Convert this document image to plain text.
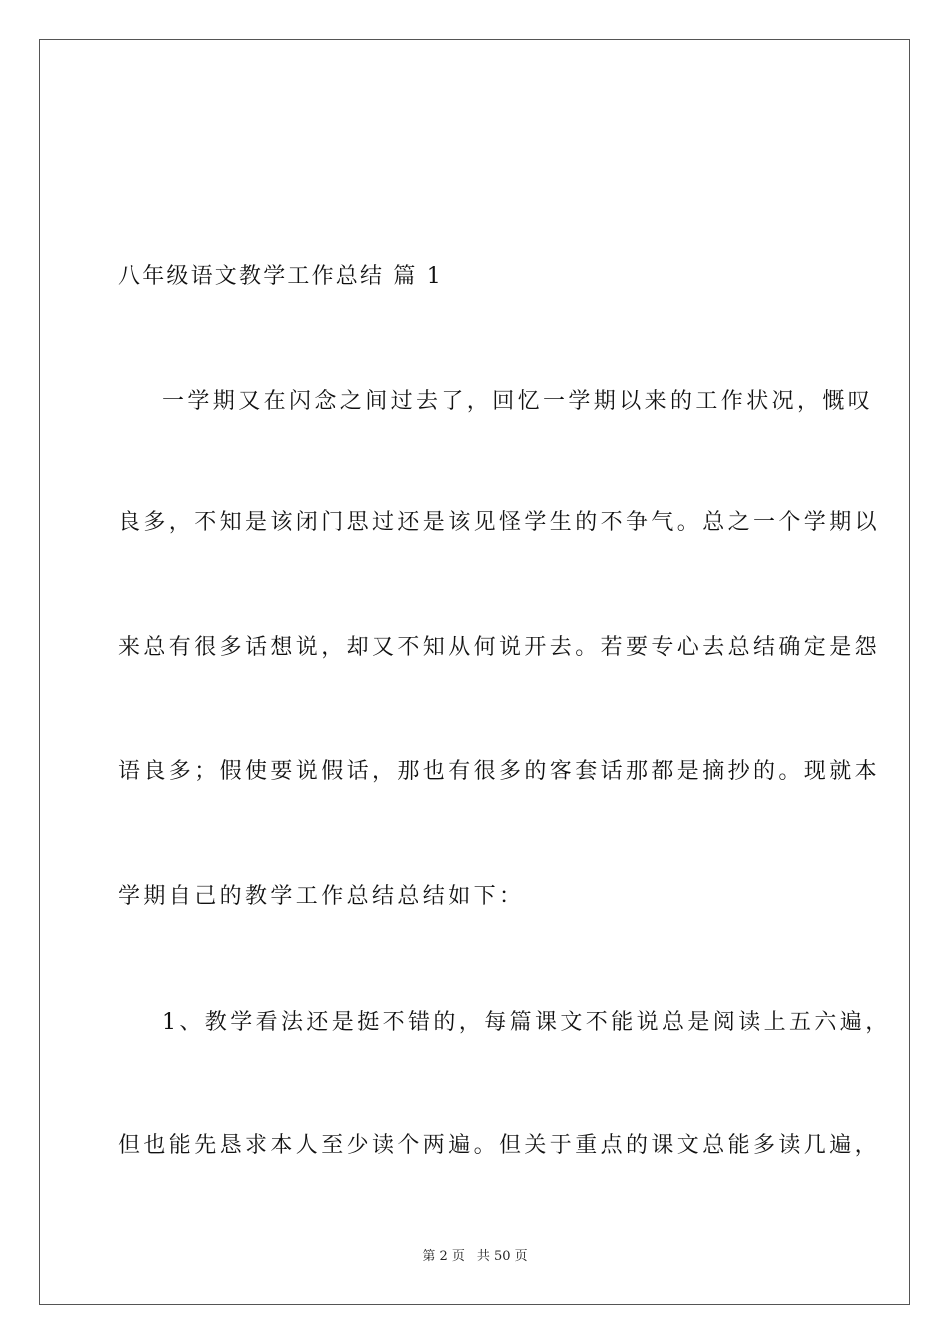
八年级语文教学工作总结 篇 1
一学期又在闪念之间过去了，回忆一学期以来的工作状况，慨叹
良多，不知是该闭门思过还是该见怪学生的不争气。总之一个学期以
来总有很多话想说，却又不知从何说开去。若要专心去总结确定是怨
语良多；假使要说假话，那也有很多的客套话那都是摘抄的。现就本
学期自己的教学工作总结总结如下：
1、教学看法还是挺不错的，每篇课文不能说总是阅读上五六遍，
但也能先恳求本人至少读个两遍。但关于重点的课文总能多读几遍，
第 2 页 共 50 页
